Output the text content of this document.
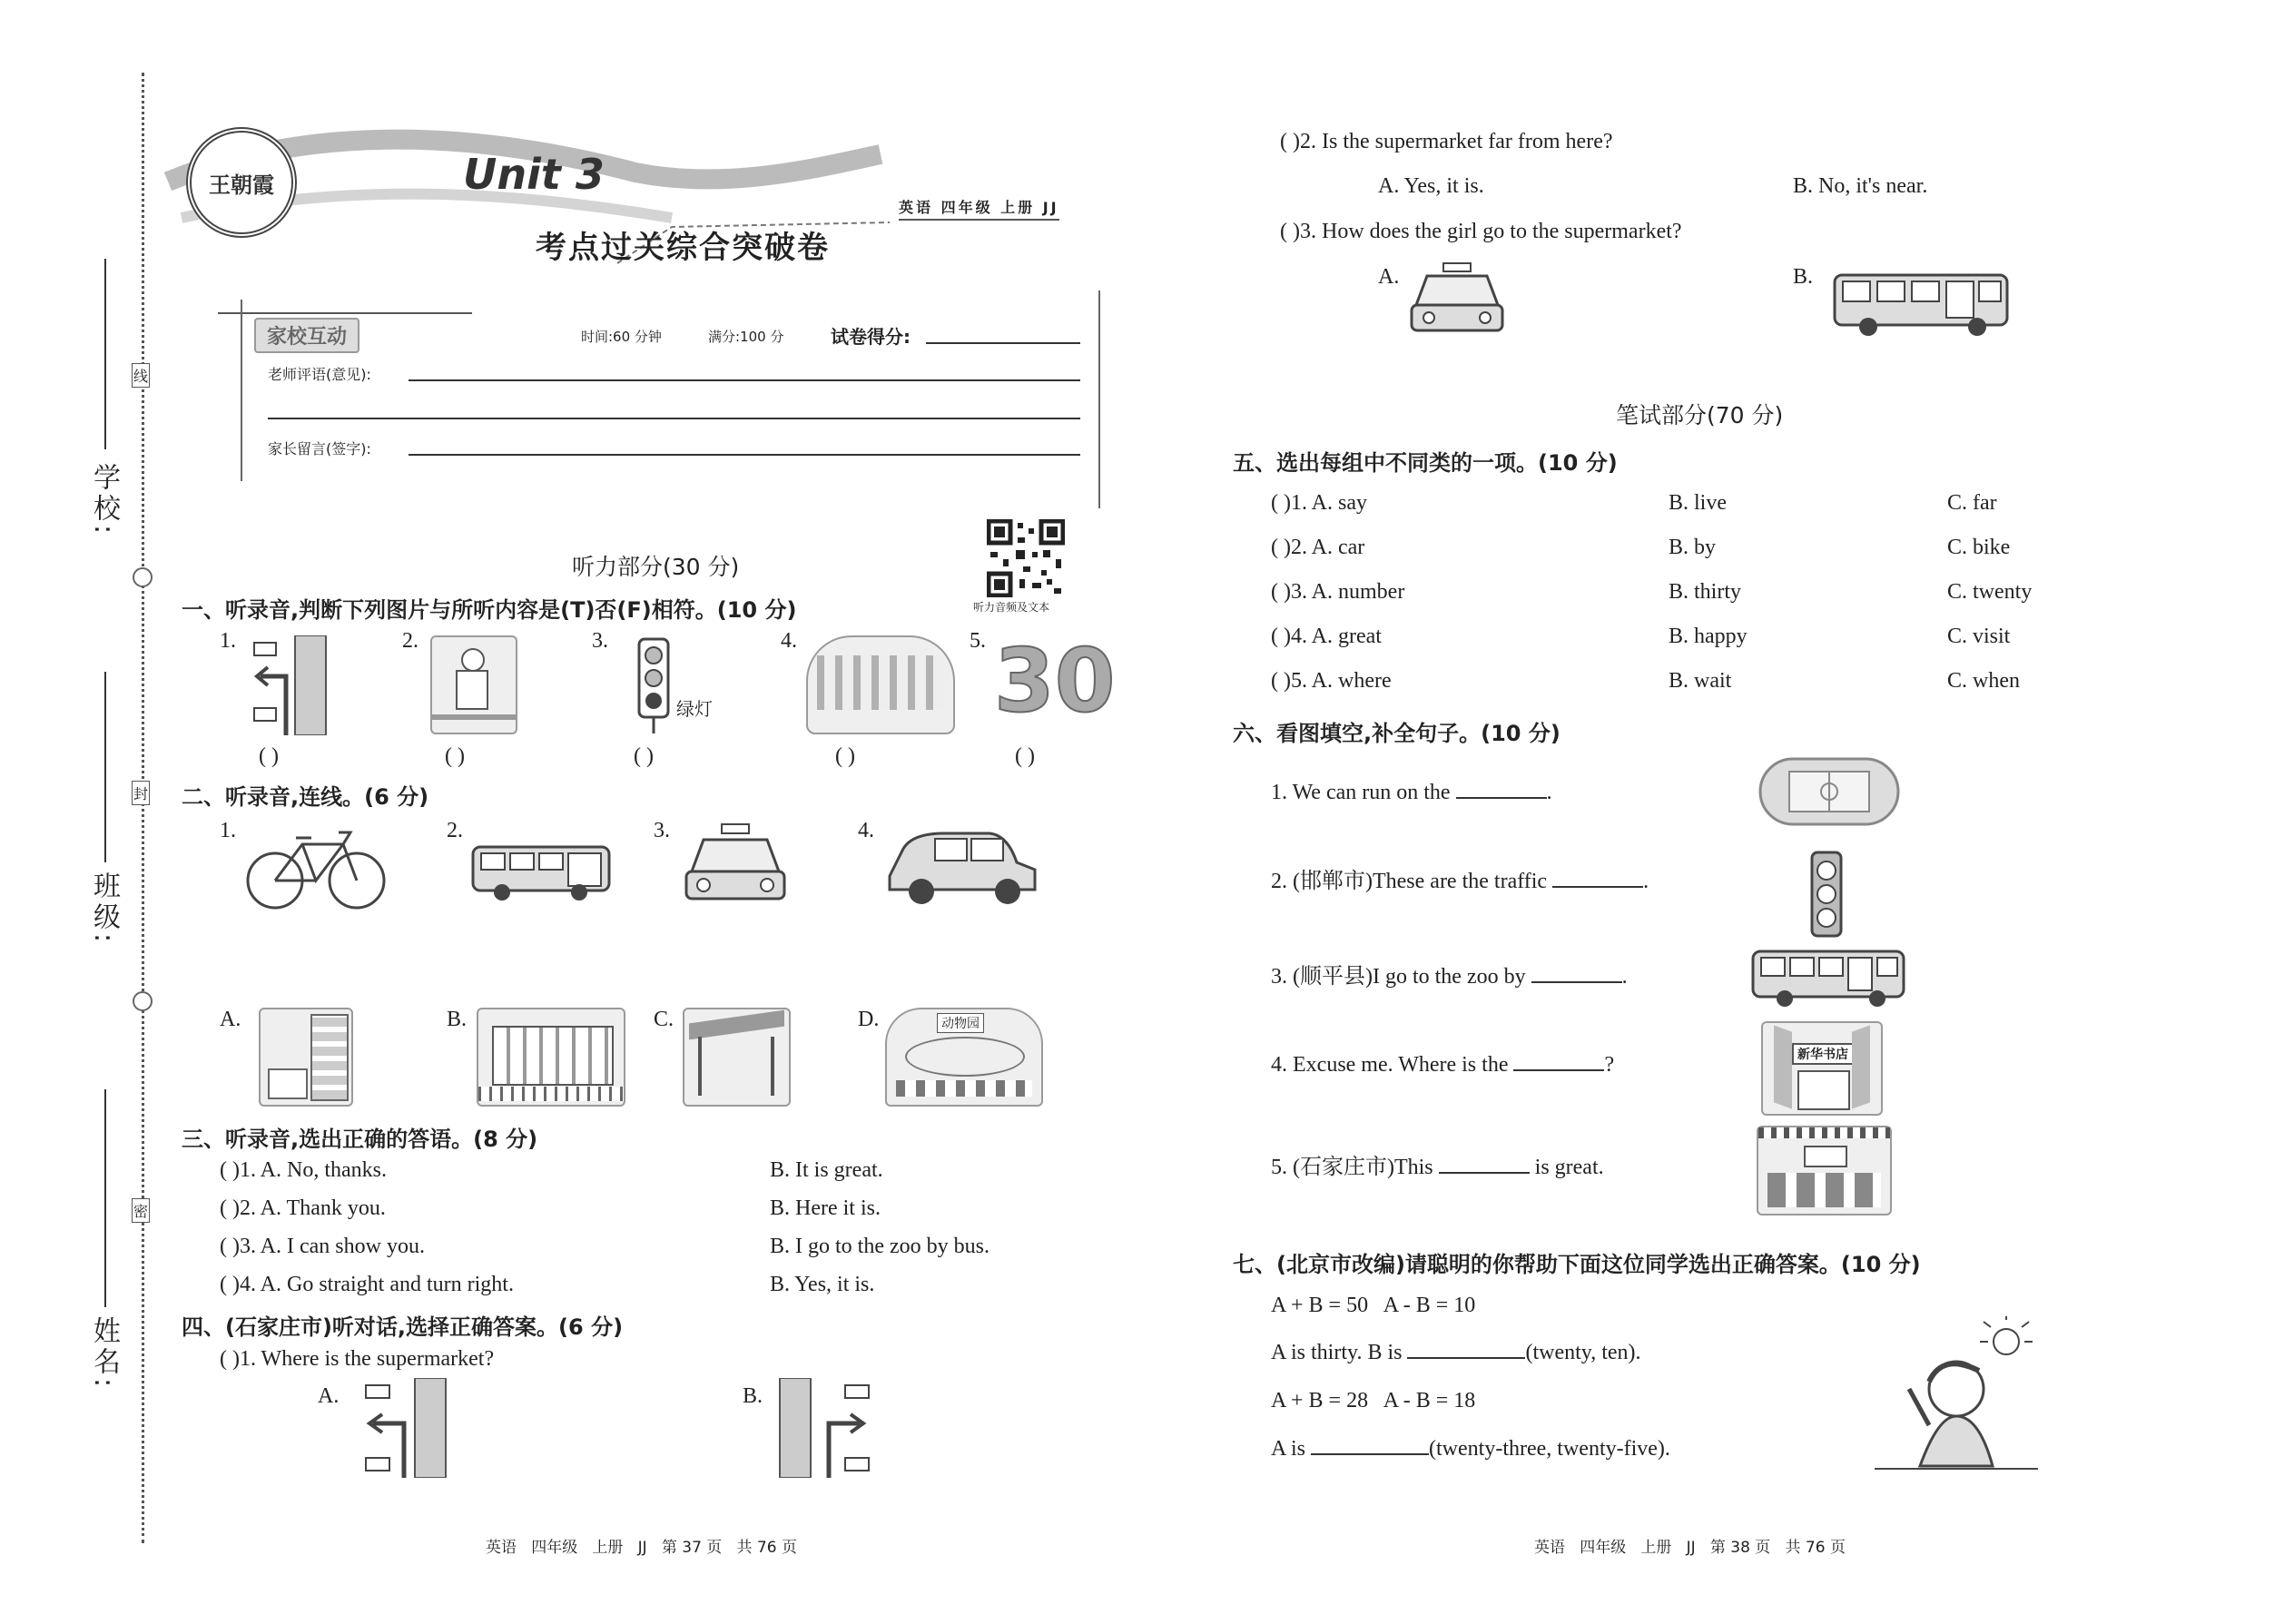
学校:
班级:
姓名:
线
封
密
王朝霞	Unit 3
考点过关综合突破卷
英语 四年级 上册 JJ
家校互动	时间:60 分钟	满分:100 分	试卷得分:
老师评语(意见):
家长留言(签字):
听力音频及文本
听力部分(30 分)
一、听录音,判断下列图片与所听内容是(T)否(F)相符。(10 分)
1.	2.	3.	4.	5.
绿灯	30
( )	( )	( )	( )	( )
二、听录音,连线。(6 分)
1.	2.	3.	4.
A.	B.	C.	D.	动物园
三、听录音,选出正确的答语。(8 分)
( )1. A. No, thanks.	B. It is great.
( )2. A. Thank you.	B. Here it is.
( )3. A. I can show you.	B. I go to the zoo by bus.
( )4. A. Go straight and turn right.	B. Yes, it is.
四、(石家庄市)听对话,选择正确答案。(6 分)
( )1. Where is the supermarket?
A.	B.
英语   四年级   上册   JJ   第 37 页   共 76 页
( )2. Is the supermarket far from here?
A. Yes, it is.	B. No, it's near.
( )3. How does the girl go to the supermarket?
A.	B.
笔试部分(70 分)
五、选出每组中不同类的一项。(10 分)
( )1. A. say	B. live	C. far
( )2. A. car	B. by	C. bike
( )3. A. number	B. thirty	C. twenty
( )4. A. great	B. happy	C. visit
( )5. A. where	B. wait	C. when
六、看图填空,补全句子。(10 分)
1. We can run on the	.
2. (邯郸市)These are the traffic	.
3. (顺平县)I go to the zoo by	.
4. Excuse me. Where is the	?	新华书店
5. (石家庄市)This	is great.
七、(北京市改编)请聪明的你帮助下面这位同学选出正确答案。(10 分)
A + B = 50   A - B = 10
A is thirty. B is	(twenty, ten).
A + B = 28   A - B = 18
A is	(twenty-three, twenty-five).
英语   四年级   上册   JJ   第 38 页   共 76 页
